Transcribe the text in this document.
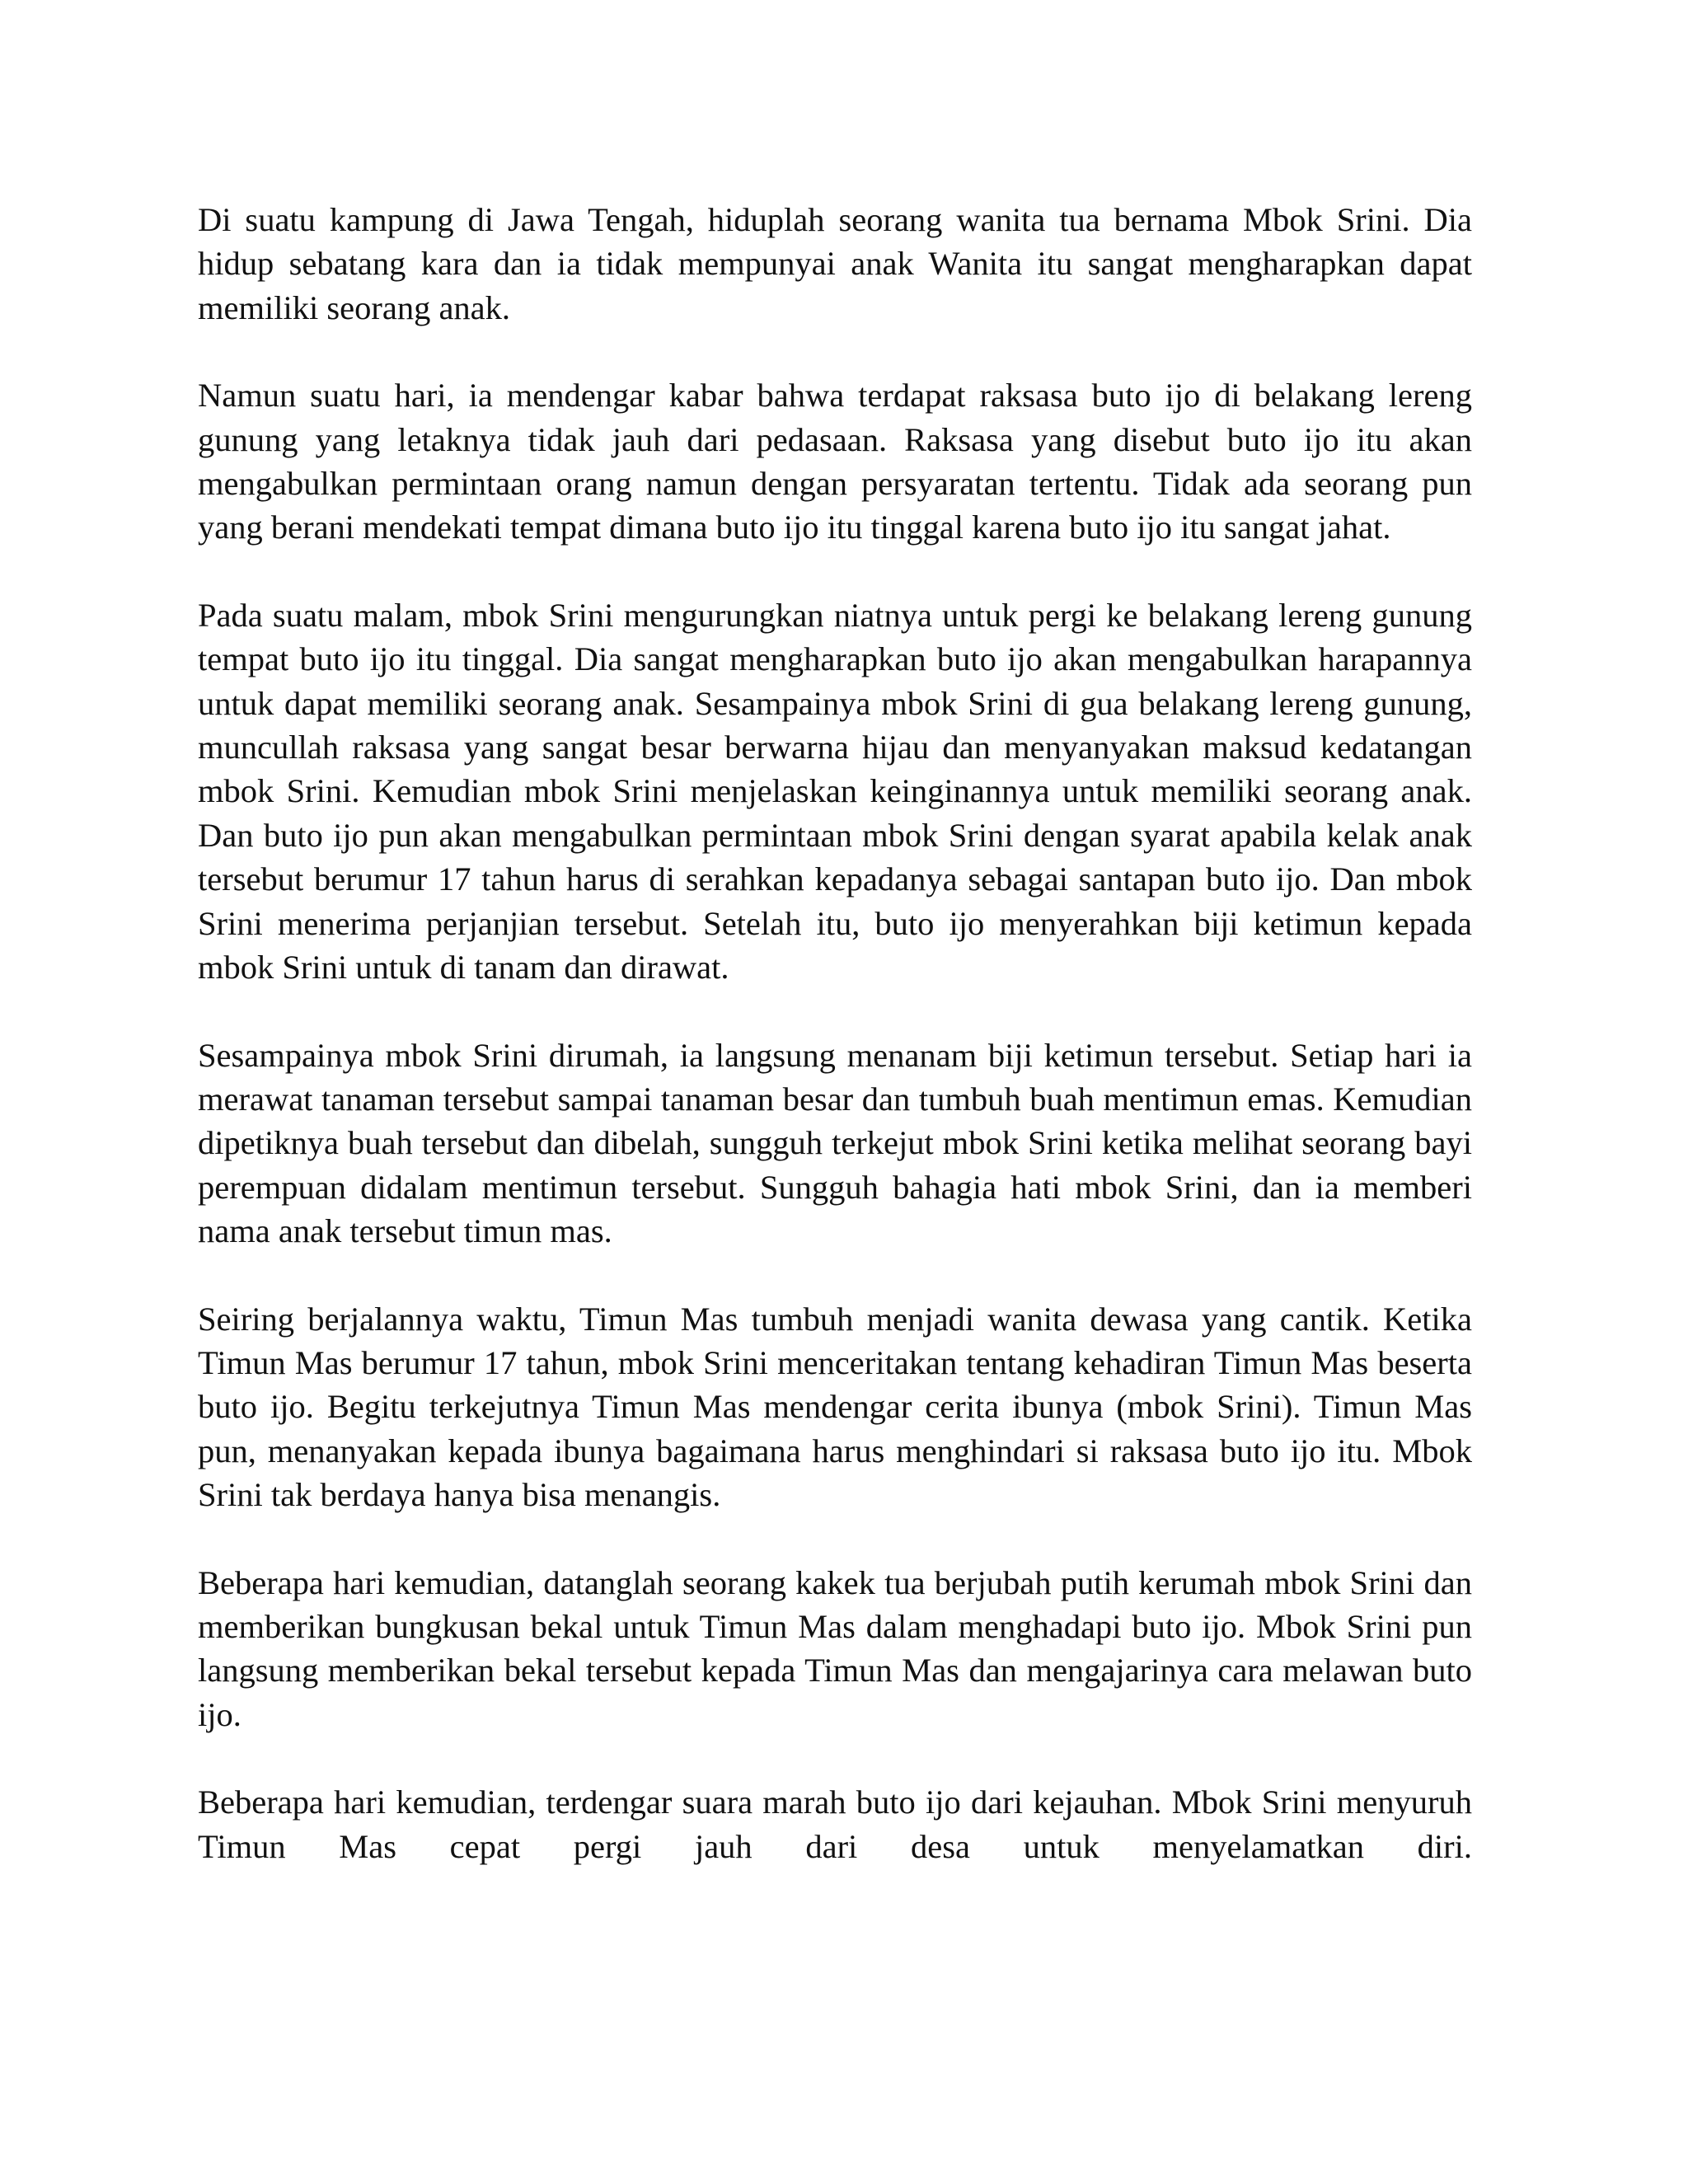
Di suatu kampung di Jawa Tengah, hiduplah seorang wanita tua bernama Mbok Srini. Dia hidup sebatang kara dan ia tidak mempunyai anak Wanita itu sangat mengharapkan dapat memiliki seorang anak.

Namun suatu hari, ia mendengar kabar bahwa terdapat raksasa buto ijo di belakang lereng gunung yang letaknya tidak jauh dari pedasaan. Raksasa yang disebut buto ijo itu akan mengabulkan permintaan orang namun dengan persyaratan tertentu. Tidak ada seorang pun yang berani mendekati tempat dimana buto ijo itu tinggal karena buto ijo itu sangat jahat.

Pada suatu malam, mbok Srini mengurungkan niatnya untuk pergi ke belakang lereng gunung tempat buto ijo itu tinggal. Dia sangat mengharapkan buto ijo akan mengabulkan harapannya untuk dapat memiliki seorang anak. Sesampainya mbok Srini di gua belakang lereng gunung, muncullah raksasa yang sangat besar berwarna hijau dan menyanyakan maksud kedatangan mbok Srini. Kemudian mbok Srini menjelaskan keinginannya untuk memiliki seorang anak. Dan buto ijo pun akan mengabulkan permintaan mbok Srini dengan syarat apabila kelak anak tersebut berumur 17 tahun harus di serahkan kepadanya sebagai santapan buto ijo. Dan mbok Srini menerima perjanjian tersebut. Setelah itu, buto ijo menyerahkan biji ketimun kepada mbok Srini untuk di tanam dan dirawat.

Sesampainya mbok Srini dirumah, ia langsung menanam biji ketimun tersebut. Setiap hari ia merawat tanaman tersebut sampai tanaman besar dan tumbuh buah mentimun emas. Kemudian dipetiknya buah tersebut dan dibelah, sungguh terkejut mbok Srini ketika melihat seorang bayi perempuan didalam mentimun tersebut. Sungguh bahagia hati mbok Srini, dan ia memberi nama anak tersebut timun mas.

Seiring berjalannya waktu, Timun Mas tumbuh menjadi wanita dewasa yang cantik. Ketika Timun Mas berumur 17 tahun, mbok Srini menceritakan tentang kehadiran Timun Mas beserta buto ijo. Begitu terkejutnya Timun Mas mendengar cerita ibunya (mbok Srini). Timun Mas pun, menanyakan kepada ibunya bagaimana harus menghindari si raksasa buto ijo itu. Mbok Srini tak berdaya hanya bisa menangis.

Beberapa hari kemudian, datanglah seorang kakek tua berjubah putih kerumah mbok Srini dan memberikan bungkusan bekal untuk Timun Mas dalam menghadapi buto ijo. Mbok Srini pun langsung memberikan bekal tersebut kepada Timun Mas dan mengajarinya cara melawan buto ijo.

Beberapa hari kemudian, terdengar suara marah buto ijo dari kejauhan. Mbok Srini menyuruh Timun Mas cepat pergi jauh dari desa untuk menyelamatkan diri.
